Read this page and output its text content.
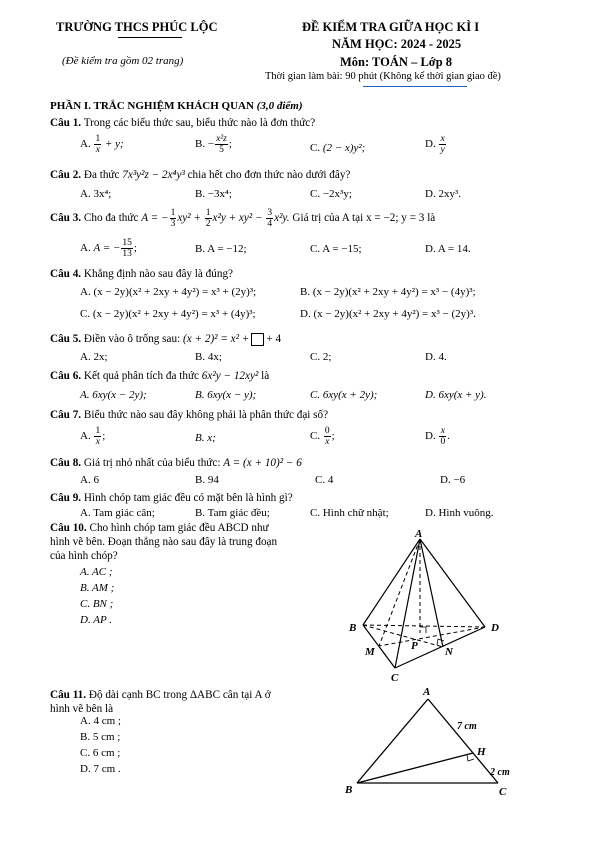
TRƯỜNG THCS PHÚC LỘC
(Đề kiểm tra gồm 02 trang)
ĐỀ KIỂM TRA GIỮA HỌC KÌ I
NĂM HỌC: 2024 - 2025
Môn: TOÁN – Lớp 8
Thời gian làm bài: 90 phút (Không kể thời gian giao đề)
PHẦN I. TRẮC NGHIỆM KHÁCH QUAN (3,0 điểm)
Câu 1. Trong các biểu thức sau, biểu thức nào là đơn thức?
A. $\frac{1}{x} + y$;	B. − $\frac{\text{x²z}}{5}$ ;	C. (2 − x)y²;	D. $\frac{x}{y}$
Câu 2. Đa thức 7x³y²z − 2x⁴y³ chia hết cho đơn thức nào dưới đây?
A. 3x⁴;	B. −3x⁴;	C. −2x³y;	D. 2xy³.
Câu 3. Cho đa thức A = − $\frac{1}{3} xy^2 + \frac{1}{2} x^2y + xy^2 - \frac{3}{4} x^2y$. Giá trị của A tại x = −2; y = 3 là
A. A = − $\frac{15}{13}$ ;	B. A = −12;	C. A = −15;	D. A = 14.
Câu 4. Khẳng định nào sau đây là đúng?
A. (x − 2y)(x² + 2xy + 4y²) = x³ + (2y)³;	B. (x − 2y)(x² + 2xy + 4y²) = x³ − (4y)³;
C. (x − 2y)(x² + 2xy + 4y²) = x³ + (4y)³;	D. (x − 2y)(x² + 2xy + 4y²) = x³ − (2y)³.
Câu 5. Điền vào ô trống sau: (x + 2)² = x² + + 4
A. 2x;	B. 4x;	C. 2;	D. 4.
Câu 6. Kết quả phân tích đa thức 6x²y − 12xy² là
A. 6xy(x − 2y);	B. 6xy(x − y);	C. 6xy(x + 2y);	D. 6xy(x + y).
Câu 7. Biểu thức nào sau đây không phải là phân thức đại số?
A. $\frac{1}{x}$ ;	B. x;	C. $\frac{0}{x}$ ;	D. $\frac{x}{0}$ .
Câu 8. Giá trị nhỏ nhất của biểu thức: A = (x + 10)² − 6
A. 6	B. 94	C. 4	D. −6
Câu 9. Hình chóp tam giác đều có mặt bên là hình gì?
A. Tam giác cân;	B. Tam giác đều;	C. Hình chữ nhật;	D. Hình vuông.
Câu 10. Cho hình chóp tam giác đều ABCD như
hình vẽ bên. Đoạn thẳng nào sau đây là trung đoạn
của hình chóp?
A. AC ;
B. AM ;
C. BN ;
D. AP .
A
B	D
C
M	N
P
Câu 11. Độ dài cạnh BC trong ΔABC cân tại A ở
hình vẽ bên là
A. 4 cm ;
B. 5 cm ;
C. 6 cm ;
D. 7 cm .
A
B	C
H
7 cm
2 cm
